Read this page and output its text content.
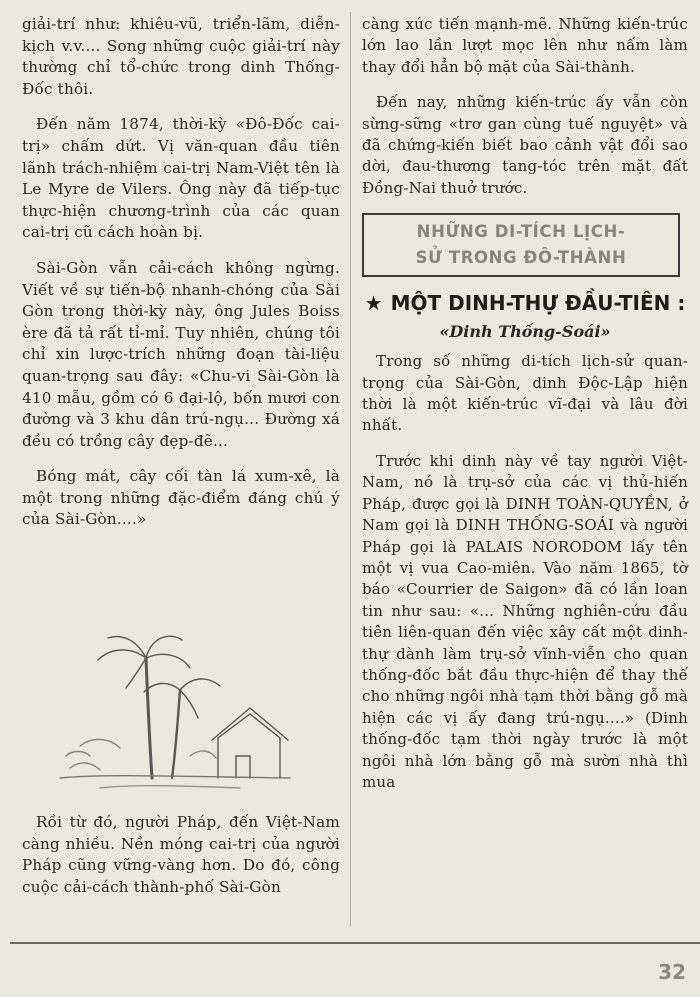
giải-trí như: khiêu-vũ, triển-lãm, diễn-kịch v.v.... Song những cuộc giải-trí này thường chỉ tổ-chức trong dinh Thống-Đốc thôi.

Đến năm 1874, thời-kỳ «Đô-Đốc cai-trị» chấm dứt. Vị văn-quan đầu tiên lãnh trách-nhiệm cai-trị Nam-Việt tên là Le Myre de Vilers. Ông này đã tiếp-tục thực-hiện chương-trình của các quan cai-trị cũ cách hoàn bị.

Sài-Gòn vẫn cải-cách không ngừng. Viết về sự tiến-bộ nhanh-chóng của Sài Gòn trong thời-kỳ này, ông Jules Boiss ère đã tả rất tỉ-mỉ. Tuy nhiên, chúng tôi chỉ xin lược-trích những đoạn tài-liệu quan-trọng sau đây: «Chu-vi Sài-Gòn là 410 mẫu, gồm có 6 đại-lộ, bốn mươi con đường và 3 khu dân trú-ngụ... Đường xá đều có trồng cây đẹp-đẽ...

Bóng mát, cây cối tàn lá xum-xê, là một trong những đặc-điểm đáng chú ý của Sài-Gòn....»

Rồi từ đó, người Pháp, đến Việt-Nam càng nhiều. Nền móng cai-trị của người Pháp cũng vững-vàng hơn. Do đó, công cuộc cải-cách thành-phố Sài-Gòn

càng xúc tiến mạnh-mẽ. Những kiến-trúc lớn lao lần lượt mọc lên như nấm làm thay đổi hẳn bộ mặt của Sài-thành.

Đến nay, những kiến-trúc ấy vẫn còn sừng-sững «trơ gan cùng tuế nguyệt» và đã chứng-kiến biết bao cảnh vật đổi sao dời, đau-thương tang-tóc trên mặt đất Đồng-Nai thuở trước.

NHỮNG DI-TÍCH LỊCH-
SỬ TRONG ĐÔ-THÀNH
★ MỘT DINH-THỰ ĐẦU-TIÊN :
«Dinh Thống-Soái»

Trong số những di-tích lịch-sử quan-trọng của Sài-Gòn, dinh Độc-Lập hiện thời là một kiến-trúc vĩ-đại và lâu đời nhất.

Trước khi dinh này về tay người Việt-Nam, nó là trụ-sở của các vị thủ-hiến Pháp, được gọi là DINH TOÀN-QUYỀN, ở Nam gọi là DINH THỐNG-SOÁI và người Pháp gọi là PALAIS NORODOM lấy tên một vị vua Cao-miên. Vào năm 1865, tờ báo «Courrier de Saigon» đã có lần loan tin như sau: «... Những nghiên-cứu đầu tiên liên-quan đến việc xây cất một dinh-thự dành làm trụ-sở vĩnh-viễn cho quan thống-đốc bắt đầu thực-hiện để thay thế cho những ngôi nhà tạm thời bằng gỗ mà hiện các vị ấy đang trú-ngụ....» (Dinh thống-đốc tạm thời ngày trước là một ngôi nhà lớn bằng gỗ mà sườn nhà thì mua

32
